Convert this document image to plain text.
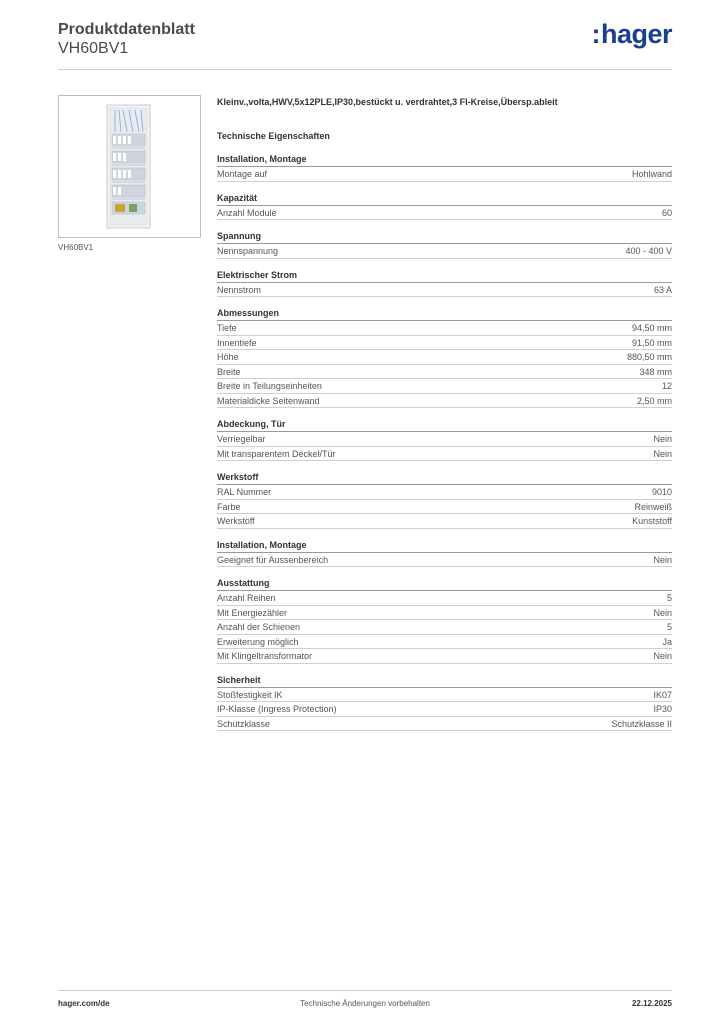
Produktdatenblatt
VH60BV1	:hager
VH60BV1
Kleinv.,volta,HWV,5x12PLE,IP30,bestückt u. verdrahtet,3 FI-Kreise,Übersp.ableit
Technische Eigenschaften
Installation, Montage
Montage auf	Hohlwand
Kapazität
Anzahl Module	60
Spannung
Nennspannung	400 - 400 V
Elektrischer Strom
Nennstrom	63 A
Abmessungen
Tiefe	94,50 mm
Innentiefe	91,50 mm
Höhe	880,50 mm
Breite	348 mm
Breite in Teilungseinheiten	12
Materialdicke Seitenwand	2,50 mm
Abdeckung, Tür
Verriegelbar	Nein
Mit transparentem Deckel/Tür	Nein
Werkstoff
RAL Nummer	9010
Farbe	Reinweiß
Werkstoff	Kunststoff
Installation, Montage
Geeignet für Aussenbereich	Nein
Ausstattung
Anzahl Reihen	5
Mit Energiezähler	Nein
Anzahl der Schienen	5
Erweiterung möglich	Ja
Mit Klingeltransformator	Nein
Sicherheit
Stoßfestigkeit IK	IK07
IP-Klasse (Ingress Protection)	IP30
Schutzklasse	Schutzklasse II
hager.com/de	Technische Änderungen vorbehalten	22.12.2025
